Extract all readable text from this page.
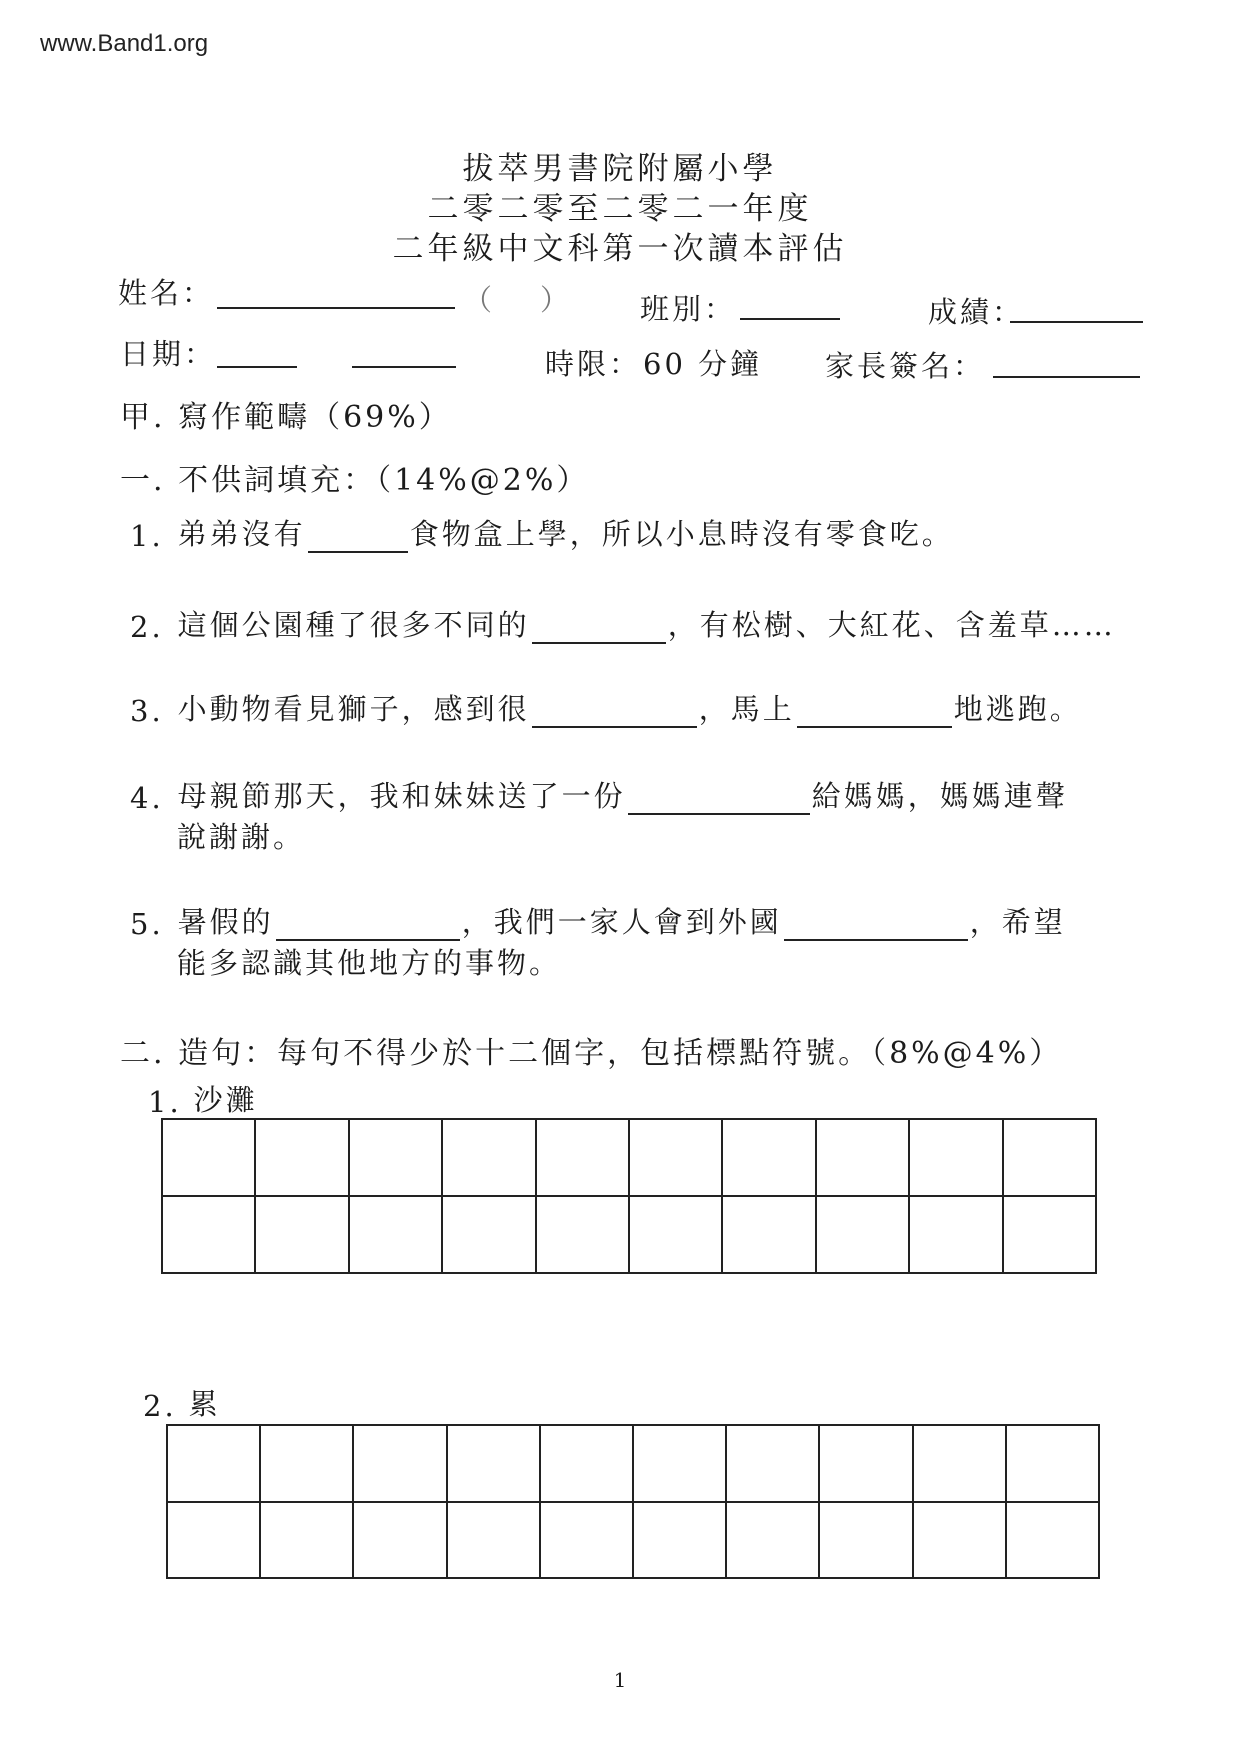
www.Band1.org
拔萃男書院附屬小學
二零二零至二零二一年度
二年級中文科第一次讀本評估
姓名：	（ ） 班別：	成績：
日期：	時限： 60 分鐘 家長簽名：
甲. 寫作範疇（69%）
一. 不供詞填充：（14%@2%）
1. 弟弟沒有	食物盒上學，所以小息時沒有零食吃。
2. 這個公園種了很多不同的	，有松樹、大紅花、含羞草……
3. 小動物看見獅子，感到很	，馬上	地逃跑。
4. 母親節那天，我和妹妹送了一份	給媽媽，媽媽連聲
說謝謝。
5. 暑假的	，我們一家人會到外國	，希望
能多認識其他地方的事物。
二. 造句：每句不得少於十二個字，包括標點符號。（8%@4%）
1. 沙灘

2. 累

1
